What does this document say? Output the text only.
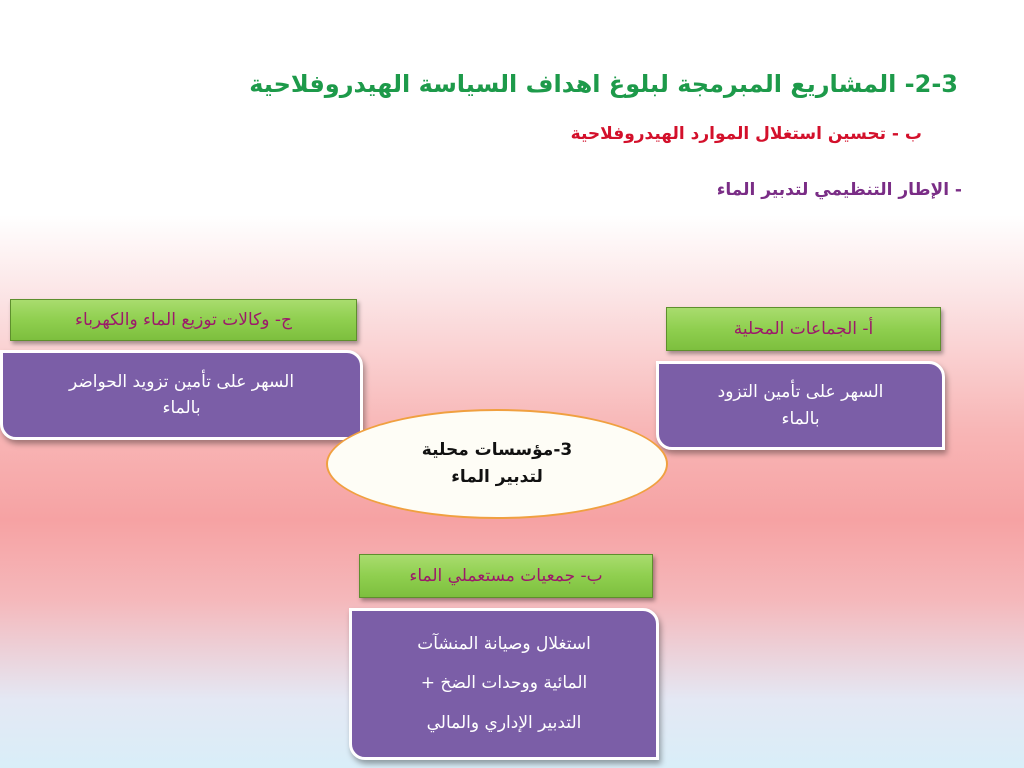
2-3- المشاريع المبرمجة لبلوغ اهداف السياسة الهيدروفلاحية
ب - تحسين استغلال الموارد الهيدروفلاحية
- الإطار التنظيمي لتدبير الماء
ج- وكالات توزيع الماء والكهرباء
السهر على تأمين تزويد الحواضر
بالماء
أ- الجماعات المحلية
السهر على تأمين التزود
بالماء
3-مؤسسات محلية
لتدبير الماء
ب- جمعيات مستعملي الماء
استغلال وصيانة المنشآت
المائية ووحدات الضخ +
التدبير الإداري والمالي
